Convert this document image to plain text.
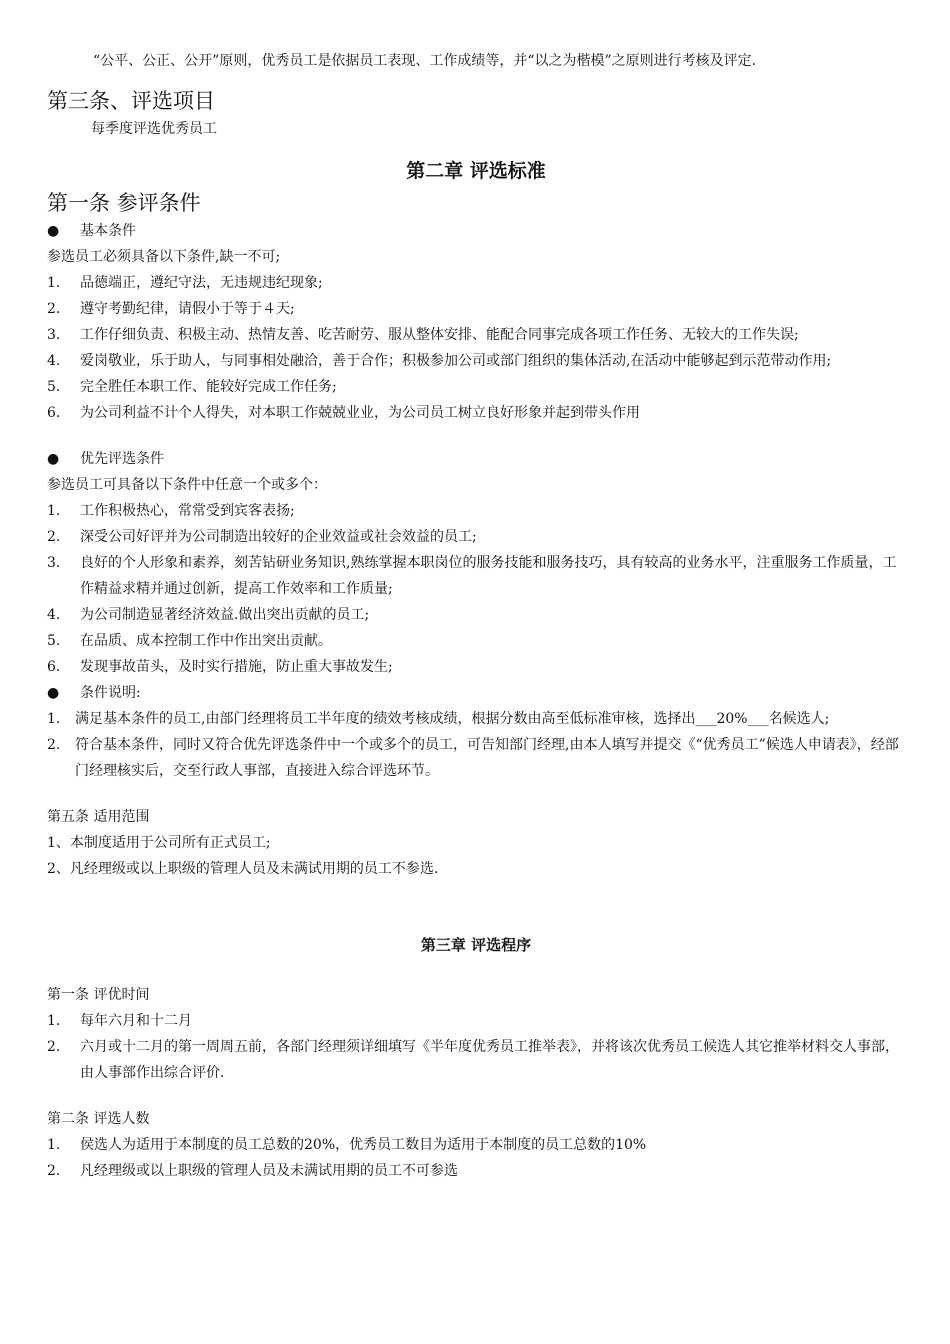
“公平、公正、公开”原则，优秀员工是依据员工表现、工作成绩等，并“以之为楷模”之原则进行考核及评定.

第三条、评选项目

每季度评选优秀员工

第二章 评选标准

第一条 参评条件

● 基本条件

参选员工必须具备以下条件,缺一不可;

1. 品德端正，遵纪守法，无违规违纪现象;
2. 遵守考勤纪律，请假小于等于４天;
3. 工作仔细负责、积极主动、热情友善、吃苦耐劳、服从整体安排、能配合同事完成各项工作任务、无较大的工作失误;
4. 爱岗敬业，乐于助人，与同事相处融洽，善于合作；积极参加公司或部门组织的集体活动,在活动中能够起到示范带动作用;
5. 完全胜任本职工作、能较好完成工作任务;
6. 为公司利益不计个人得失，对本职工作兢兢业业，为公司员工树立良好形象并起到带头作用

● 优先评选条件

参选员工可具备以下条件中任意一个或多个：

1. 工作积极热心，常常受到宾客表扬;
2. 深受公司好评并为公司制造出较好的企业效益或社会效益的员工;
3. 良好的个人形象和素养，刻苦钻研业务知识,熟练掌握本职岗位的服务技能和服务技巧，具有较高的业务水平，注重服务工作质量，工作精益求精并通过创新，提高工作效率和工作质量;
4. 为公司制造显著经济效益.做出突出贡献的员工;
5. 在品质、成本控制工作中作出突出贡献。
6. 发现事故苗头，及时实行措施，防止重大事故发生;

● 条件说明:

1. 满足基本条件的员工,由部门经理将员工半年度的绩效考核成绩，根据分数由高至低标准审核，选择出___20%___名候选人;
2. 符合基本条件，同时又符合优先评选条件中一个或多个的员工，可告知部门经理,由本人填写并提交《“优秀员工”候选人申请表》，经部门经理核实后，交至行政人事部，直接进入综合评选环节。

第五条 适用范围

1、本制度适用于公司所有正式员工;

2、凡经理级或以上职级的管理人员及未满试用期的员工不参选.

第三章 评选程序

第一条 评优时间

1. 每年六月和十二月
2. 六月或十二月的第一周周五前，各部门经理须详细填写《半年度优秀员工推举表》，并将该次优秀员工候选人其它推举材料交人事部，由人事部作出综合评价.

第二条 评选人数

1. 侯选人为适用于本制度的员工总数的20%，优秀员工数目为适用于本制度的员工总数的10%
2. 凡经理级或以上职级的管理人员及未满试用期的员工不可参选
